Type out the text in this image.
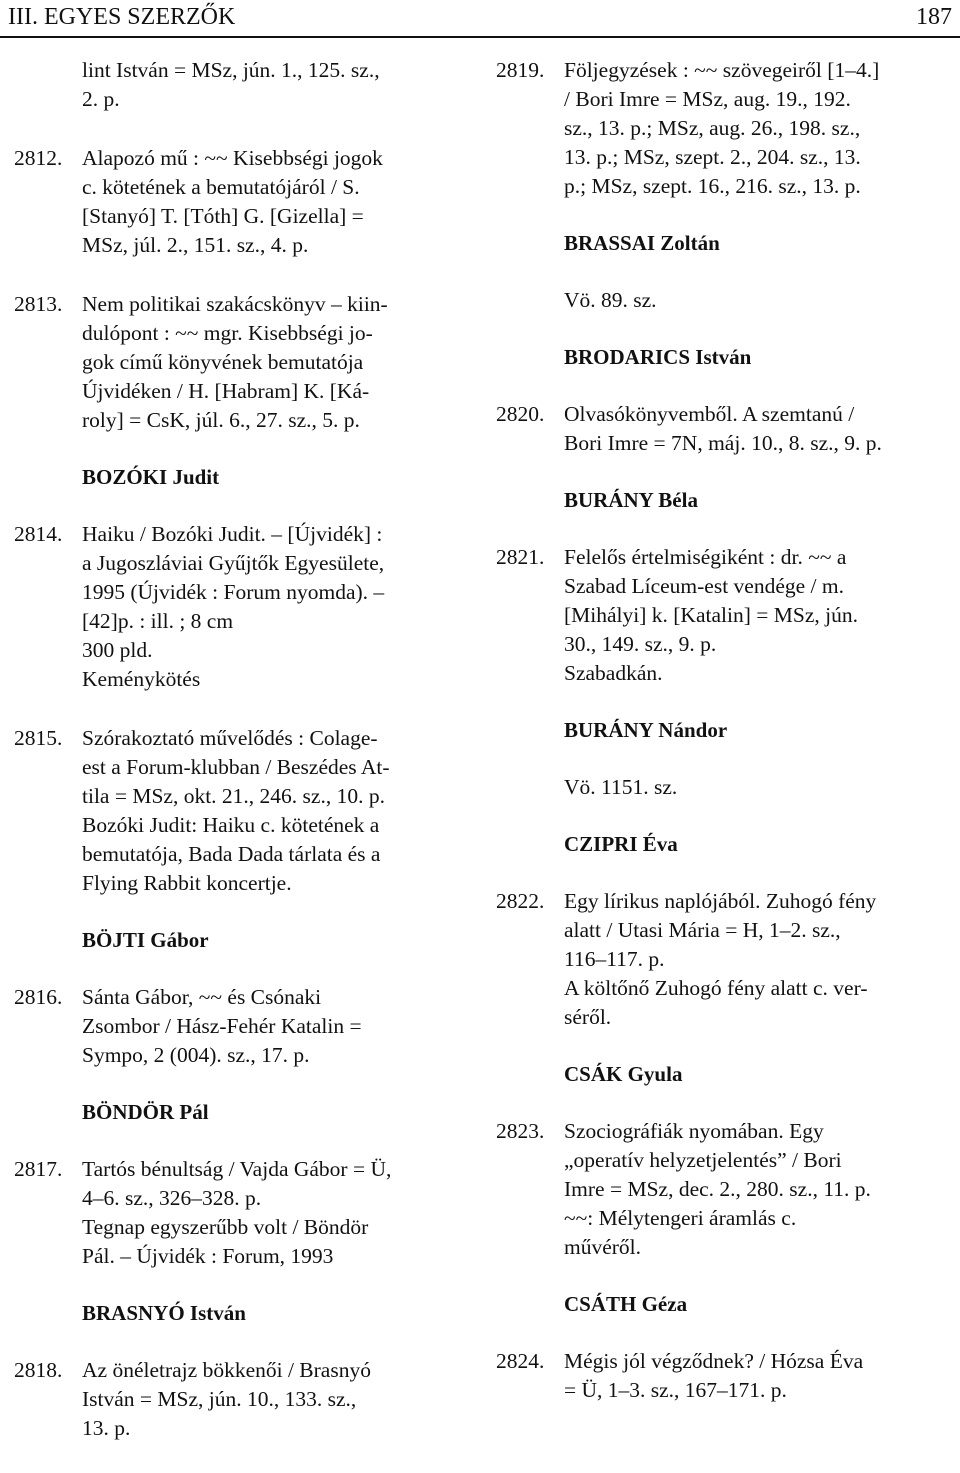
III. EGYES SZERZŐK	187
lint István = MSz, jún. 1., 125. sz.,
2. p.
2812. Alapozó mű : ~~ Kisebbségi jogok
c. kötetének a bemutatójáról / S.
[Stanyó] T. [Tóth] G. [Gizella] =
MSz, júl. 2., 151. sz., 4. p.
2813. Nem politikai szakácskönyv – kiin-
dulópont : ~~ mgr. Kisebbségi jo-
gok című könyvének bemutatója
Újvidéken / H. [Habram] K. [Ká-
roly] = CsK, júl. 6., 27. sz., 5. p.
BOZÓKI Judit
2814. Haiku / Bozóki Judit. – [Újvidék] :
a Jugoszláviai Gyűjtők Egyesülete,
1995 (Újvidék : Forum nyomda). –
[42]p. : ill. ; 8 cm
300 pld.
Keménykötés
2815. Szórakoztató művelődés : Colage-
est a Forum-klubban / Beszédes At-
tila = MSz, okt. 21., 246. sz., 10. p.
Bozóki Judit: Haiku c. kötetének a
bemutatója, Bada Dada tárlata és a
Flying Rabbit koncertje.
BÖJTI Gábor
2816. Sánta Gábor, ~~ és Csónaki
Zsombor / Hász-Fehér Katalin =
Sympo, 2 (004). sz., 17. p.
BÖNDÖR Pál
2817. Tartós bénultság / Vajda Gábor = Ü,
4–6. sz., 326–328. p.
Tegnap egyszerűbb volt / Böndör
Pál. – Újvidék : Forum, 1993
BRASNYÓ István
2818. Az önéletrajz bökkenői / Brasnyó
István = MSz, jún. 10., 133. sz.,
13. p.
2819. Följegyzések : ~~ szövegeiről [1–4.]
/ Bori Imre = MSz, aug. 19., 192.
sz., 13. p.; MSz, aug. 26., 198. sz.,
13. p.; MSz, szept. 2., 204. sz., 13.
p.; MSz, szept. 16., 216. sz., 13. p.
BRASSAI Zoltán
Vö. 89. sz.
BRODARICS István
2820. Olvasókönyvemből. A szemtanú /
Bori Imre = 7N, máj. 10., 8. sz., 9. p.
BURÁNY Béla
2821. Felelős értelmiségiként : dr. ~~ a
Szabad Líceum-est vendége / m.
[Mihályi] k. [Katalin] = MSz, jún.
30., 149. sz., 9. p.
Szabadkán.
BURÁNY Nándor
Vö. 1151. sz.
CZIPRI Éva
2822. Egy lírikus naplójából. Zuhogó fény
alatt / Utasi Mária = H, 1–2. sz.,
116–117. p.
A költőnő Zuhogó fény alatt c. ver-
séről.
CSÁK Gyula
2823. Szociográfiák nyomában. Egy
„operatív helyzetjelentés” / Bori
Imre = MSz, dec. 2., 280. sz., 11. p.
~~: Mélytengeri áramlás c.
művéről.
CSÁTH Géza
2824. Mégis jól végződnek? / Hózsa Éva
= Ü, 1–3. sz., 167–171. p.
